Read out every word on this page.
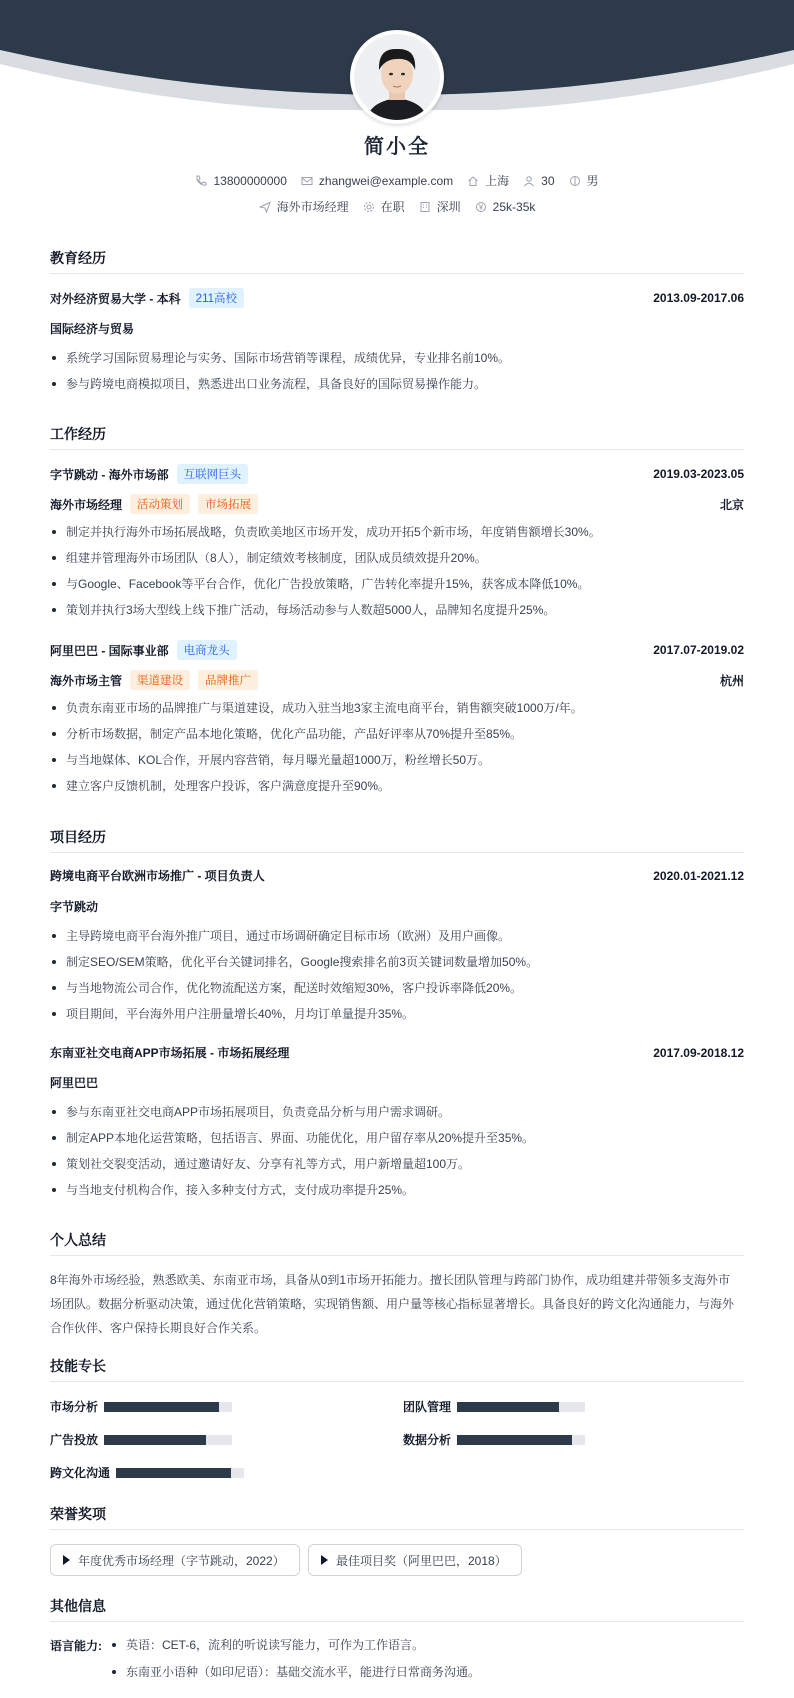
简小全
13800000000	zhangwei@example.com	上海	30	男
海外市场经理	在职	深圳	25k-35k
教育经历
对外经济贸易大学 - 本科	211高校	2013.09-2017.06
国际经济与贸易
系统学习国际贸易理论与实务、国际市场营销等课程，成绩优异，专业排名前10%。
参与跨境电商模拟项目，熟悉进出口业务流程，具备良好的国际贸易操作能力。
工作经历
字节跳动 - 海外市场部	互联网巨头	2019.03-2023.05
海外市场经理	活动策划	市场拓展	北京
制定并执行海外市场拓展战略，负责欧美地区市场开发，成功开拓5个新市场，年度销售额增长30%。
组建并管理海外市场团队（8人），制定绩效考核制度，团队成员绩效提升20%。
与Google、Facebook等平台合作，优化广告投放策略，广告转化率提升15%，获客成本降低10%。
策划并执行3场大型线上线下推广活动，每场活动参与人数超5000人，品牌知名度提升25%。
阿里巴巴 - 国际事业部	电商龙头	2017.07-2019.02
海外市场主管	渠道建设	品牌推广	杭州
负责东南亚市场的品牌推广与渠道建设，成功入驻当地3家主流电商平台，销售额突破1000万/年。
分析市场数据，制定产品本地化策略，优化产品功能，产品好评率从70%提升至85%。
与当地媒体、KOL合作，开展内容营销，每月曝光量超1000万，粉丝增长50万。
建立客户反馈机制，处理客户投诉，客户满意度提升至90%。
项目经历
跨境电商平台欧洲市场推广 - 项目负责人	2020.01-2021.12
字节跳动
主导跨境电商平台海外推广项目，通过市场调研确定目标市场（欧洲）及用户画像。
制定SEO/SEM策略，优化平台关键词排名，Google搜索排名前3页关键词数量增加50%。
与当地物流公司合作，优化物流配送方案，配送时效缩短30%，客户投诉率降低20%。
项目期间，平台海外用户注册量增长40%，月均订单量提升35%。
东南亚社交电商APP市场拓展 - 市场拓展经理	2017.09-2018.12
阿里巴巴
参与东南亚社交电商APP市场拓展项目，负责竞品分析与用户需求调研。
制定APP本地化运营策略，包括语言、界面、功能优化，用户留存率从20%提升至35%。
策划社交裂变活动，通过邀请好友、分享有礼等方式，用户新增量超100万。
与当地支付机构合作，接入多种支付方式，支付成功率提升25%。
个人总结
8年海外市场经验，熟悉欧美、东南亚市场，具备从0到1市场开拓能力。擅长团队管理与跨部门协作，成功组建并带领多支海外市
场团队。数据分析驱动决策，通过优化营销策略，实现销售额、用户量等核心指标显著增长。具备良好的跨文化沟通能力，与海外
合作伙伴、客户保持长期良好合作关系。
技能专长
市场分析	团队管理
广告投放	数据分析
跨文化沟通
荣誉奖项
年度优秀市场经理（字节跳动，2022）	最佳项目奖（阿里巴巴，2018）
其他信息
语言能力:	英语：CET-6，流利的听说读写能力，可作为工作语言。
东南亚小语种（如印尼语）：基础交流水平，能进行日常商务沟通。
